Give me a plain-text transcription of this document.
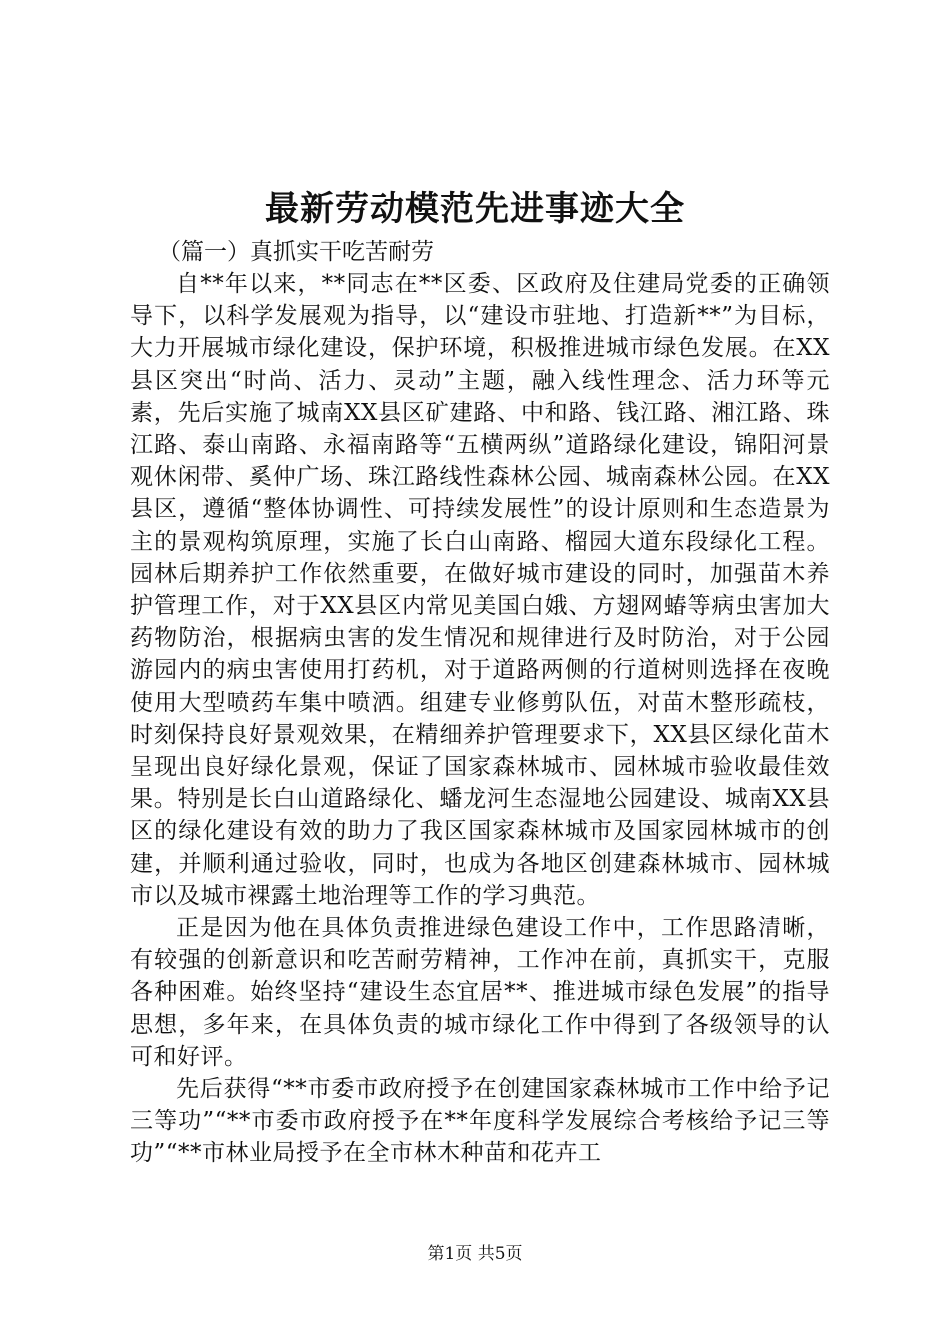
最新劳动模范先进事迹大全

（篇一）真抓实干吃苦耐劳

自**年以来，**同志在**区委、区政府及住建局党委的正确领导下，以科学发展观为指导，以“建设市驻地、打造新**”为目标，大力开展城市绿化建设，保护环境，积极推进城市绿色发展。在XX县区突出“时尚、活力、灵动”主题，融入线性理念、活力环等元素，先后实施了城南XX县区矿建路、中和路、钱江路、湘江路、珠江路、泰山南路、永福南路等“五横两纵”道路绿化建设，锦阳河景观休闲带、奚仲广场、珠江路线性森林公园、城南森林公园。在XX县区，遵循“整体协调性、可持续发展性”的设计原则和生态造景为主的景观构筑原理，实施了长白山南路、榴园大道东段绿化工程。园林后期养护工作依然重要，在做好城市建设的同时，加强苗木养护管理工作，对于XX县区内常见美国白娥、方翅网蝽等病虫害加大药物防治，根据病虫害的发生情况和规律进行及时防治，对于公园游园内的病虫害使用打药机，对于道路两侧的行道树则选择在夜晚使用大型喷药车集中喷洒。组建专业修剪队伍，对苗木整形疏枝，时刻保持良好景观效果，在精细养护管理要求下，XX县区绿化苗木呈现出良好绿化景观，保证了国家森林城市、园林城市验收最佳效果。特别是长白山道路绿化、蟠龙河生态湿地公园建设、城南XX县区的绿化建设有效的助力了我区国家森林城市及国家园林城市的创建，并顺利通过验收，同时，也成为各地区创建森林城市、园林城市以及城市裸露土地治理等工作的学习典范。

正是因为他在具体负责推进绿色建设工作中，工作思路清晰，有较强的创新意识和吃苦耐劳精神，工作冲在前，真抓实干，克服各种困难。始终坚持“建设生态宜居**、推进城市绿色发展”的指导思想，多年来，在具体负责的城市绿化工作中得到了各级领导的认可和好评。

先后获得“**市委市政府授予在创建国家森林城市工作中给予记三等功”“**市委市政府授予在**年度科学发展综合考核给予记三等功”“**市林业局授予在全市林木种苗和花卉工

第1页 共5页
